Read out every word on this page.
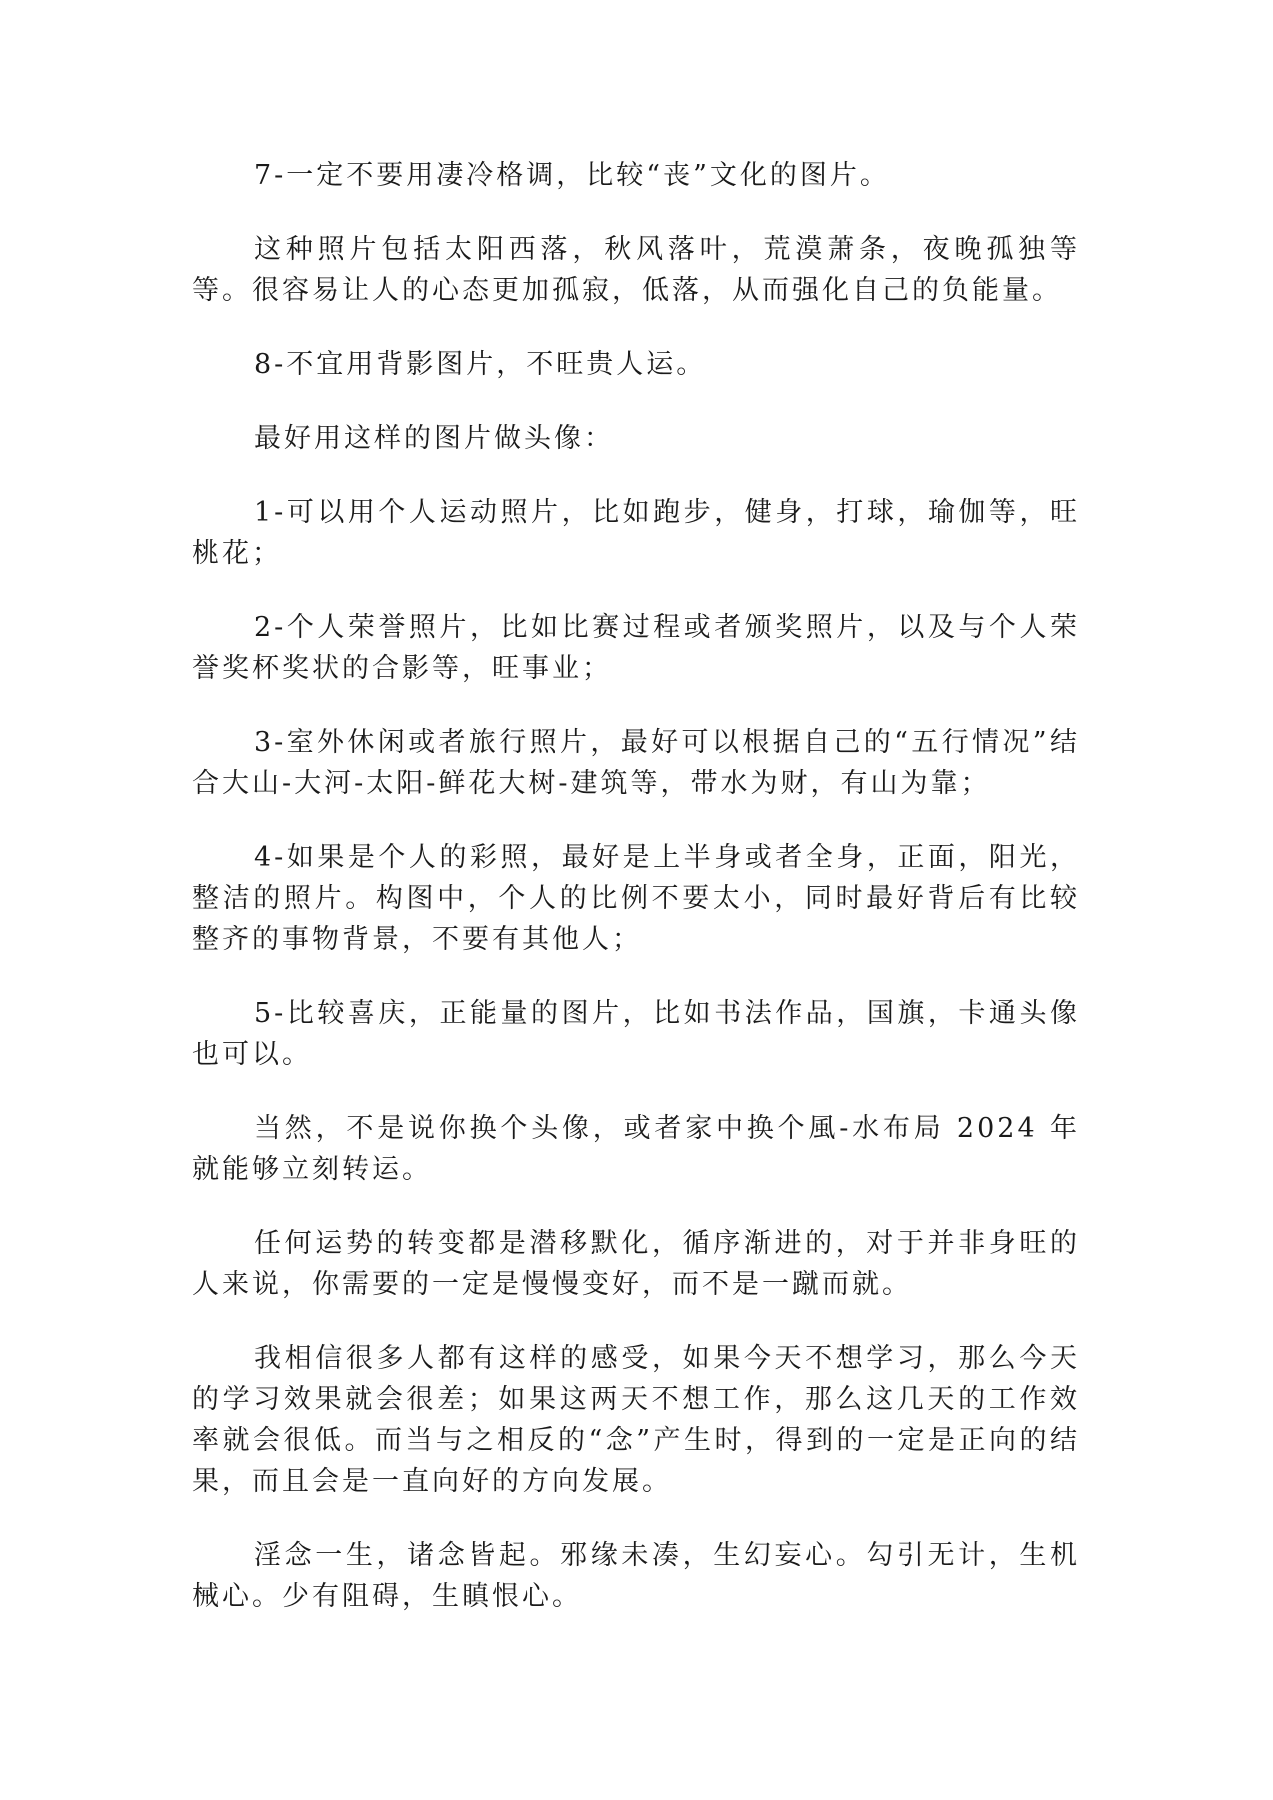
7-一定不要用凄冷格调，比较“丧”文化的图片。

这种照片包括太阳西落，秋风落叶，荒漠萧条，夜晚孤独等等。很容易让人的心态更加孤寂，低落，从而强化自己的负能量。

8-不宜用背影图片，不旺贵人运。

最好用这样的图片做头像：

1-可以用个人运动照片，比如跑步，健身，打球，瑜伽等，旺桃花；

2-个人荣誉照片，比如比赛过程或者颁奖照片，以及与个人荣誉奖杯奖状的合影等，旺事业；

3-室外休闲或者旅行照片，最好可以根据自己的“五行情况”结合大山-大河-太阳-鲜花大树-建筑等，带水为财，有山为靠；

4-如果是个人的彩照，最好是上半身或者全身，正面，阳光，整洁的照片。构图中，个人的比例不要太小，同时最好背后有比较整齐的事物背景，不要有其他人；

5-比较喜庆，正能量的图片，比如书法作品，国旗，卡通头像也可以。

当然，不是说你换个头像，或者家中换个風-水布局 2024 年就能够立刻转运。

任何运势的转变都是潜移默化，循序渐进的，对于并非身旺的人来说，你需要的一定是慢慢变好，而不是一蹴而就。

我相信很多人都有这样的感受，如果今天不想学习，那么今天的学习效果就会很差；如果这两天不想工作，那么这几天的工作效率就会很低。而当与之相反的“念”产生时，得到的一定是正向的结果，而且会是一直向好的方向发展。

淫念一生，诸念皆起。邪缘未凑，生幻妄心。勾引无计，生机械心。少有阻碍，生瞋恨心。
